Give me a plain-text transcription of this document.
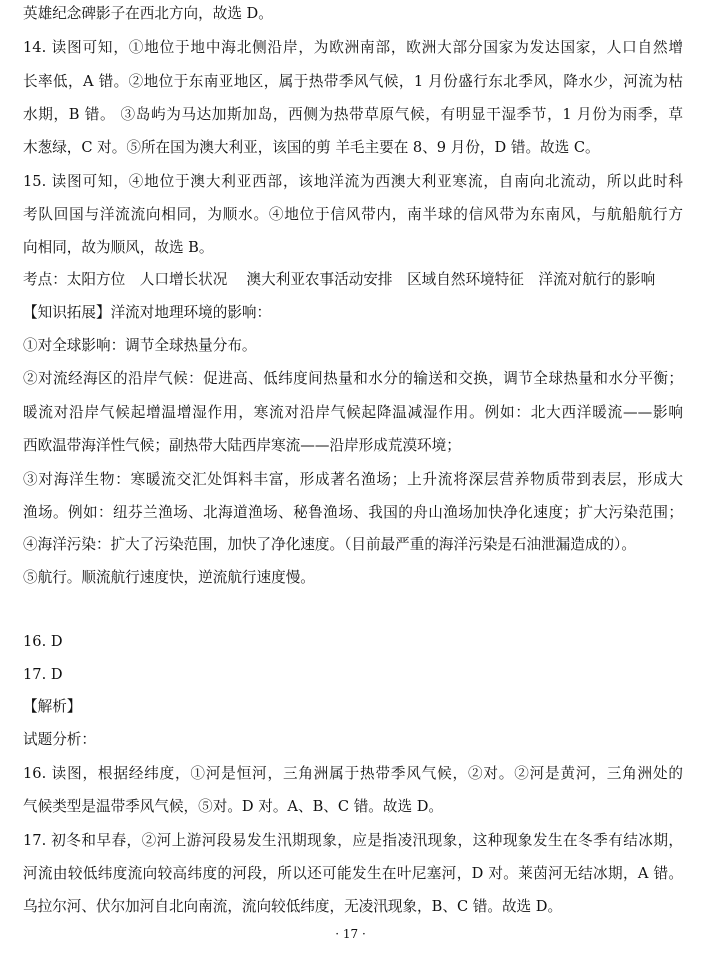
英雄纪念碑影子在西北方向，故选 D。
14. 读图可知，①地位于地中海北侧沿岸，为欧洲南部，欧洲大部分国家为发达国家，人口自然增
长率低，A 错。②地位于东南亚地区，属于热带季风气候，1 月份盛行东北季风，降水少，河流为枯
水期，B 错。 ③岛屿为马达加斯加岛，西侧为热带草原气候，有明显干湿季节，1 月份为雨季，草
木葱绿，C 对。⑤所在国为澳大利亚，该国的剪 羊毛主要在 8、9 月份，D 错。故选 C。
15. 读图可知，④地位于澳大利亚西部，该地洋流为西澳大利亚寒流，自南向北流动，所以此时科
考队回国与洋流流向相同，为顺水。④地位于信风带内，南半球的信风带为东南风，与航船航行方
向相同，故为顺风，故选 B。
考点：太阳方位　人口增长状况　 澳大利亚农事活动安排　区域自然环境特征　洋流对航行的影响
【知识拓展】洋流对地理环境的影响：
①对全球影响：调节全球热量分布。
②对流经海区的沿岸气候：促进高、低纬度间热量和水分的输送和交换，调节全球热量和水分平衡；
暖流对沿岸气候起增温增湿作用，寒流对沿岸气候起降温减湿作用。例如：北大西洋暖流——影响
西欧温带海洋性气候；副热带大陆西岸寒流——沿岸形成荒漠环境；
③对海洋生物：寒暖流交汇处饵料丰富，形成著名渔场；上升流将深层营养物质带到表层，形成大
渔场。例如：纽芬兰渔场、北海道渔场、秘鲁渔场、我国的舟山渔场加快净化速度；扩大污染范围；
④海洋污染：扩大了污染范围，加快了净化速度。（目前最严重的海洋污染是石油泄漏造成的）。
⑤航行。顺流航行速度快，逆流航行速度慢。
16. D
17. D
【解析】
试题分析：
16. 读图，根据经纬度，①河是恒河，三角洲属于热带季风气候，②对。②河是黄河，三角洲处的
气候类型是温带季风气候，⑤对。D 对。A、B、C 错。故选 D。
17. 初冬和早春，②河上游河段易发生汛期现象，应是指凌汛现象，这种现象发生在冬季有结冰期，
河流由较低纬度流向较高纬度的河段，所以还可能发生在叶尼塞河，D 对。莱茵河无结冰期，A 错。
乌拉尔河、伏尔加河自北向南流，流向较低纬度，无凌汛现象，B、C 错。故选 D。
· 17 ·
